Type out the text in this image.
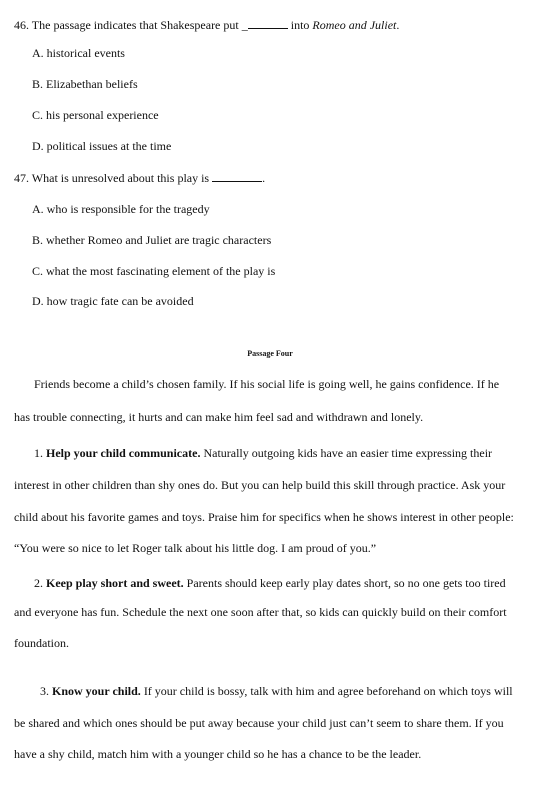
46. The passage indicates that Shakespeare put _	into Romeo and Juliet.
A. historical events
B. Elizabethan beliefs
C. his personal experience
D. political issues at the time
47. What is unresolved about this play is	.
A. who is responsible for the tragedy
B. whether Romeo and Juliet are tragic characters
C. what the most fascinating element of the play is
D. how tragic fate can be avoided
Passage Four
Friends become a child’s chosen family. If his social life is going well, he gains confidence. If he
has trouble connecting, it hurts and can make him feel sad and withdrawn and lonely.
1. Help your child communicate. Naturally outgoing kids have an easier time expressing their
interest in other children than shy ones do. But you can help build this skill through practice. Ask your
child about his favorite games and toys. Praise him for specifics when he shows interest in other people:
“You were so nice to let Roger talk about his little dog. I am proud of you.”
2. Keep play short and sweet. Parents should keep early play dates short, so no one gets too tired
and everyone has fun. Schedule the next one soon after that, so kids can quickly build on their comfort
foundation.
3. Know your child. If your child is bossy, talk with him and agree beforehand on which toys will
be shared and which ones should be put away because your child just can’t seem to share them. If you
have a shy child, match him with a younger child so he has a chance to be the leader.
